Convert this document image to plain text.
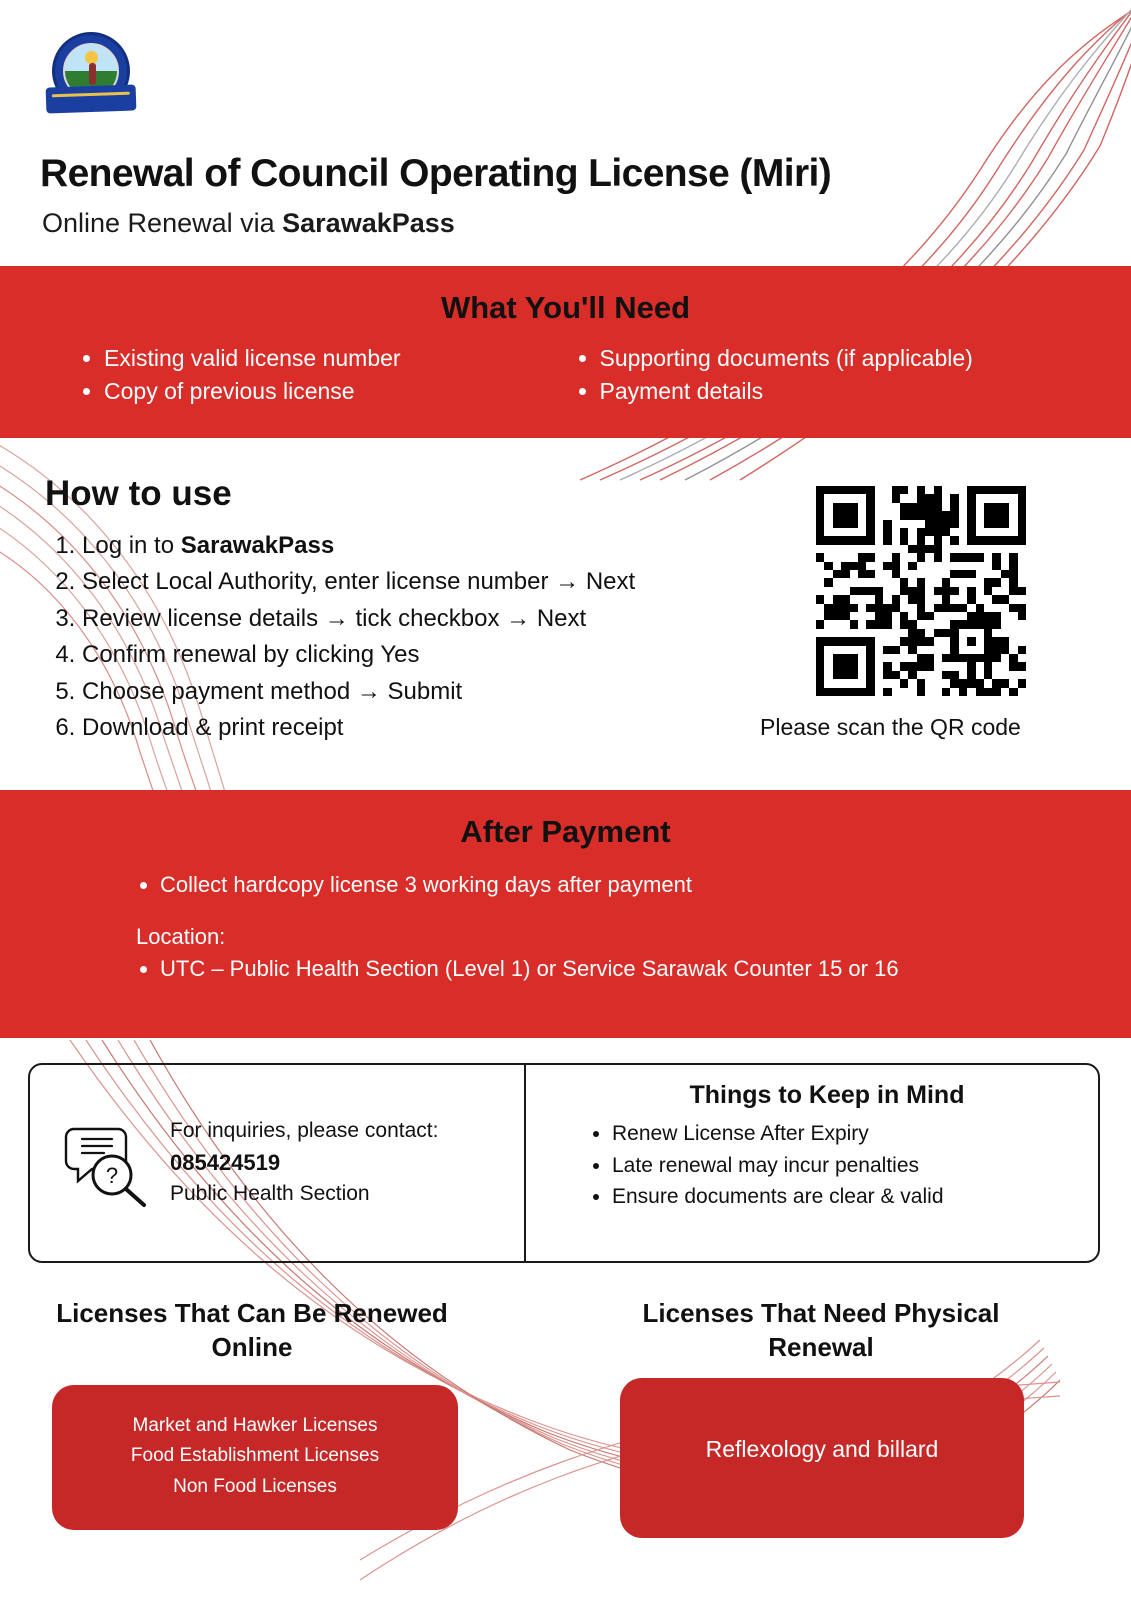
Renewal of Council Operating License (Miri)
Online Renewal via SarawakPass
What You'll Need
• Existing valid license number
• Copy of previous license
• Supporting documents (if applicable)
• Payment details
How to use
1. Log in to SarawakPass
2. Select Local Authority, enter license number → Next
3. Review license details → tick checkbox → Next
4. Confirm renewal by clicking Yes
5. Choose payment method → Submit
6. Download & print receipt	Please scan the QR code
After Payment
• Collect hardcopy license 3 working days after payment
Location:
• UTC – Public Health Section (Level 1) or Service Sarawak Counter 15 or 16
?
For inquiries, please contact:
085424519
Public Health Section
Things to Keep in Mind
• Renew License After Expiry
• Late renewal may incur penalties
• Ensure documents are clear & valid
Licenses That Can Be Renewed Online
Licenses That Need Physical Renewal
Market and Hawker Licenses
Food Establishment Licenses
Non Food Licenses
Reflexology and billard
